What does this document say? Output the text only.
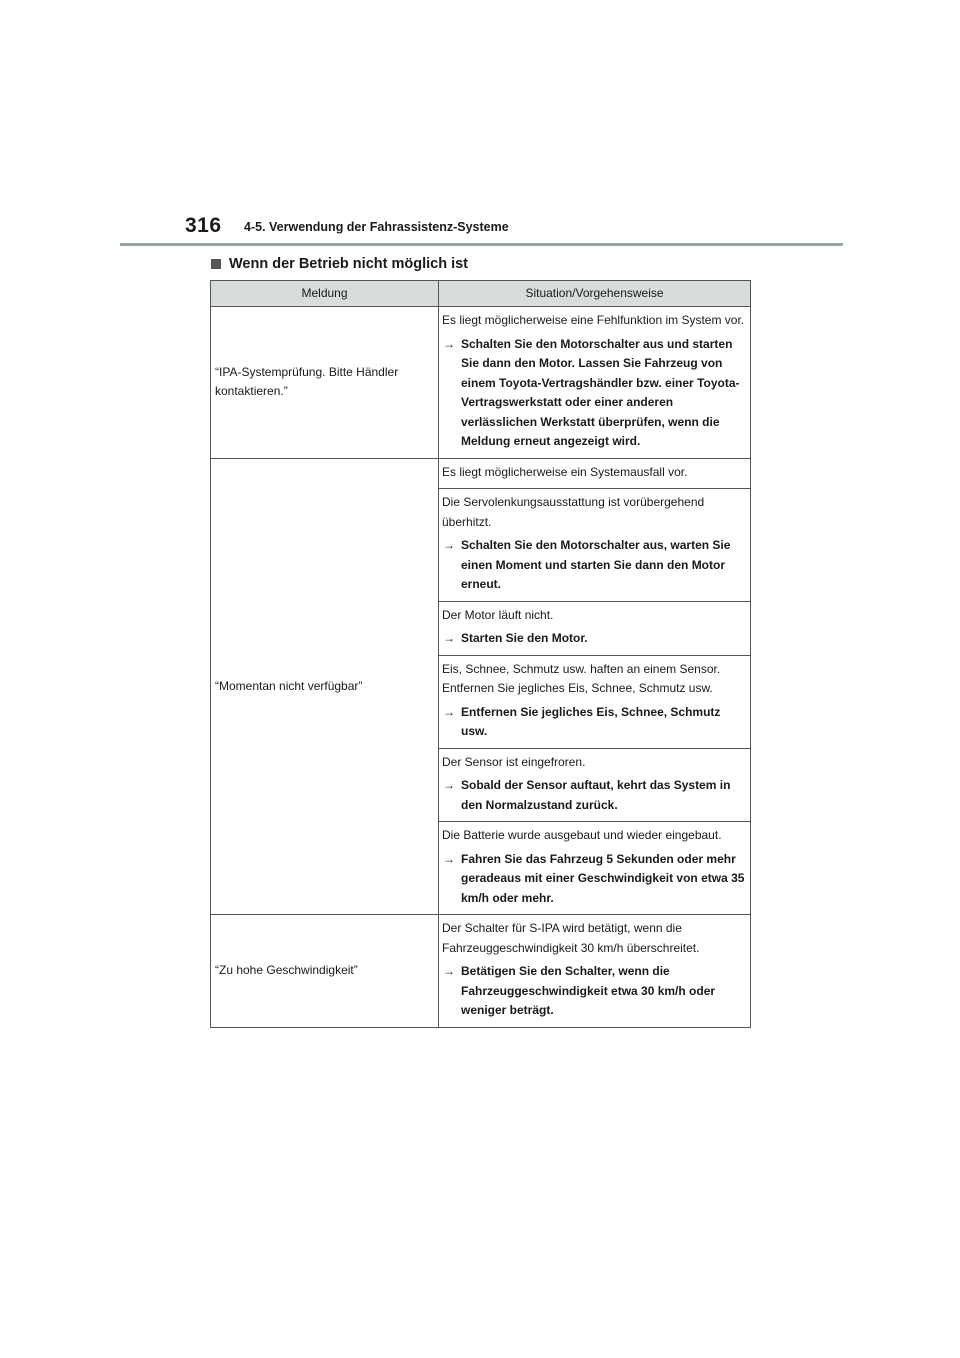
316 4-5. Verwendung der Fahrassistenz-Systeme
Wenn der Betrieb nicht möglich ist
Meldung	Situation/Vorgehensweise
“IPA-Systemprüfung. Bitte Händler kontaktieren.”	Es liegt möglicherweise eine Fehlfunktion im System vor.

→ Schalten Sie den Motorschalter aus und starten Sie dann den Motor. Lassen Sie Fahrzeug von einem Toyota-Vertragshändler bzw. einer Toyota-Vertragswerkstatt oder einer anderen verlässlichen Werkstatt überprüfen, wenn die Meldung erneut angezeigt wird.

“Momentan nicht verfügbar”	Es liegt möglicherweise ein Systemausfall vor.

	Die Servolenkungsausstattung ist vorübergehend überhitzt.

→ Schalten Sie den Motorschalter aus, warten Sie einen Moment und starten Sie dann den Motor erneut.

	Der Motor läuft nicht.

→ Starten Sie den Motor.

	Eis, Schnee, Schmutz usw. haften an einem Sensor. Entfernen Sie jegliches Eis, Schnee, Schmutz usw.

→ Entfernen Sie jegliches Eis, Schnee, Schmutz usw.

	Der Sensor ist eingefroren.

→ Sobald der Sensor auftaut, kehrt das System in den Normalzustand zurück.

	Die Batterie wurde ausgebaut und wieder eingebaut.

→ Fahren Sie das Fahrzeug 5 Sekunden oder mehr geradeaus mit einer Geschwindigkeit von etwa 35 km/h oder mehr.

“Zu hohe Geschwindigkeit”	Der Schalter für S-IPA wird betätigt, wenn die Fahrzeuggeschwindigkeit 30 km/h überschreitet.

→ Betätigen Sie den Schalter, wenn die Fahrzeuggeschwindigkeit etwa 30 km/h oder weniger beträgt.
